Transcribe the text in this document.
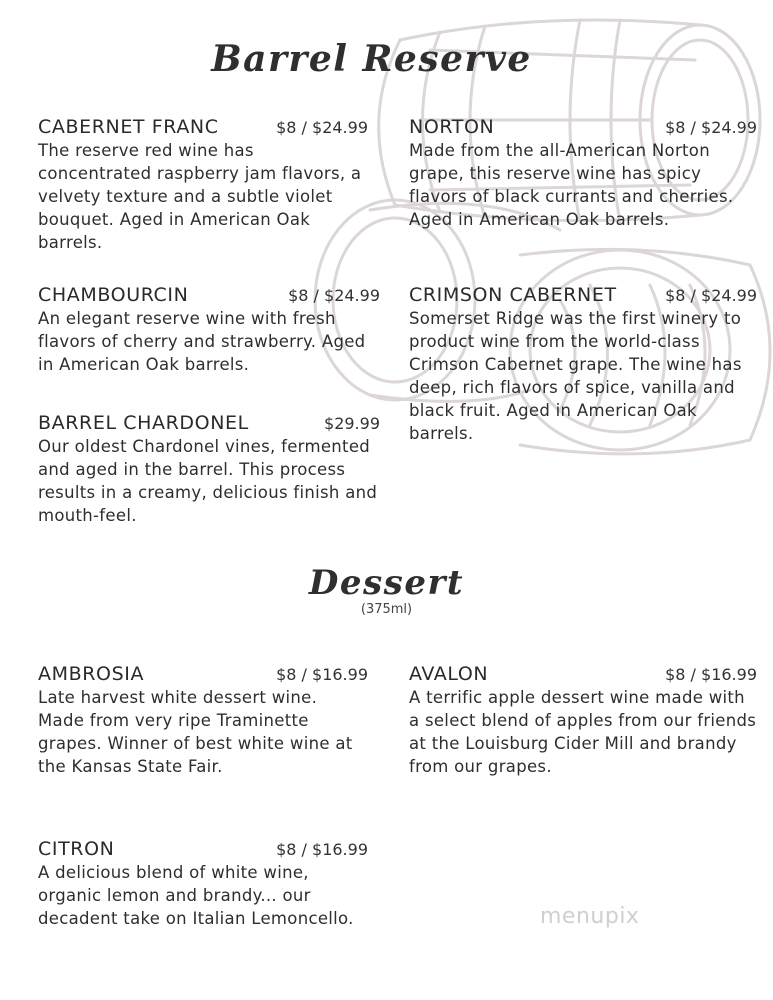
Barrel Reserve
CABERNET FRANC	$8 / $24.99
The reserve red wine has concentrated raspberry jam flavors, a velvety texture and a subtle violet bouquet. Aged in American Oak barrels.
NORTON	$8 / $24.99
Made from the all-American Norton grape, this reserve wine has spicy flavors of black currants and cherries. Aged in American Oak barrels.
CHAMBOURCIN	$8 / $24.99
An elegant reserve wine with fresh flavors of cherry and strawberry. Aged in American Oak barrels.
CRIMSON CABERNET	$8 / $24.99
Somerset Ridge was the first winery to product wine from the world-class Crimson Cabernet grape. The wine has deep, rich flavors of spice, vanilla and black fruit. Aged in American Oak barrels.
BARREL CHARDONEL	$29.99
Our oldest Chardonel vines, fermented and aged in the barrel. This process results in a creamy, delicious finish and mouth-feel.
Dessert
(375ml)
AMBROSIA	$8 / $16.99
Late harvest white dessert wine. Made from very ripe Traminette grapes. Winner of best white wine at the Kansas State Fair.
AVALON	$8 / $16.99
A terrific apple dessert wine made with a select blend of apples from our friends at the Louisburg Cider Mill and brandy from our grapes.
CITRON	$8 / $16.99
A delicious blend of white wine, organic lemon and brandy... our decadent take on Italian Lemoncello.	menupix
